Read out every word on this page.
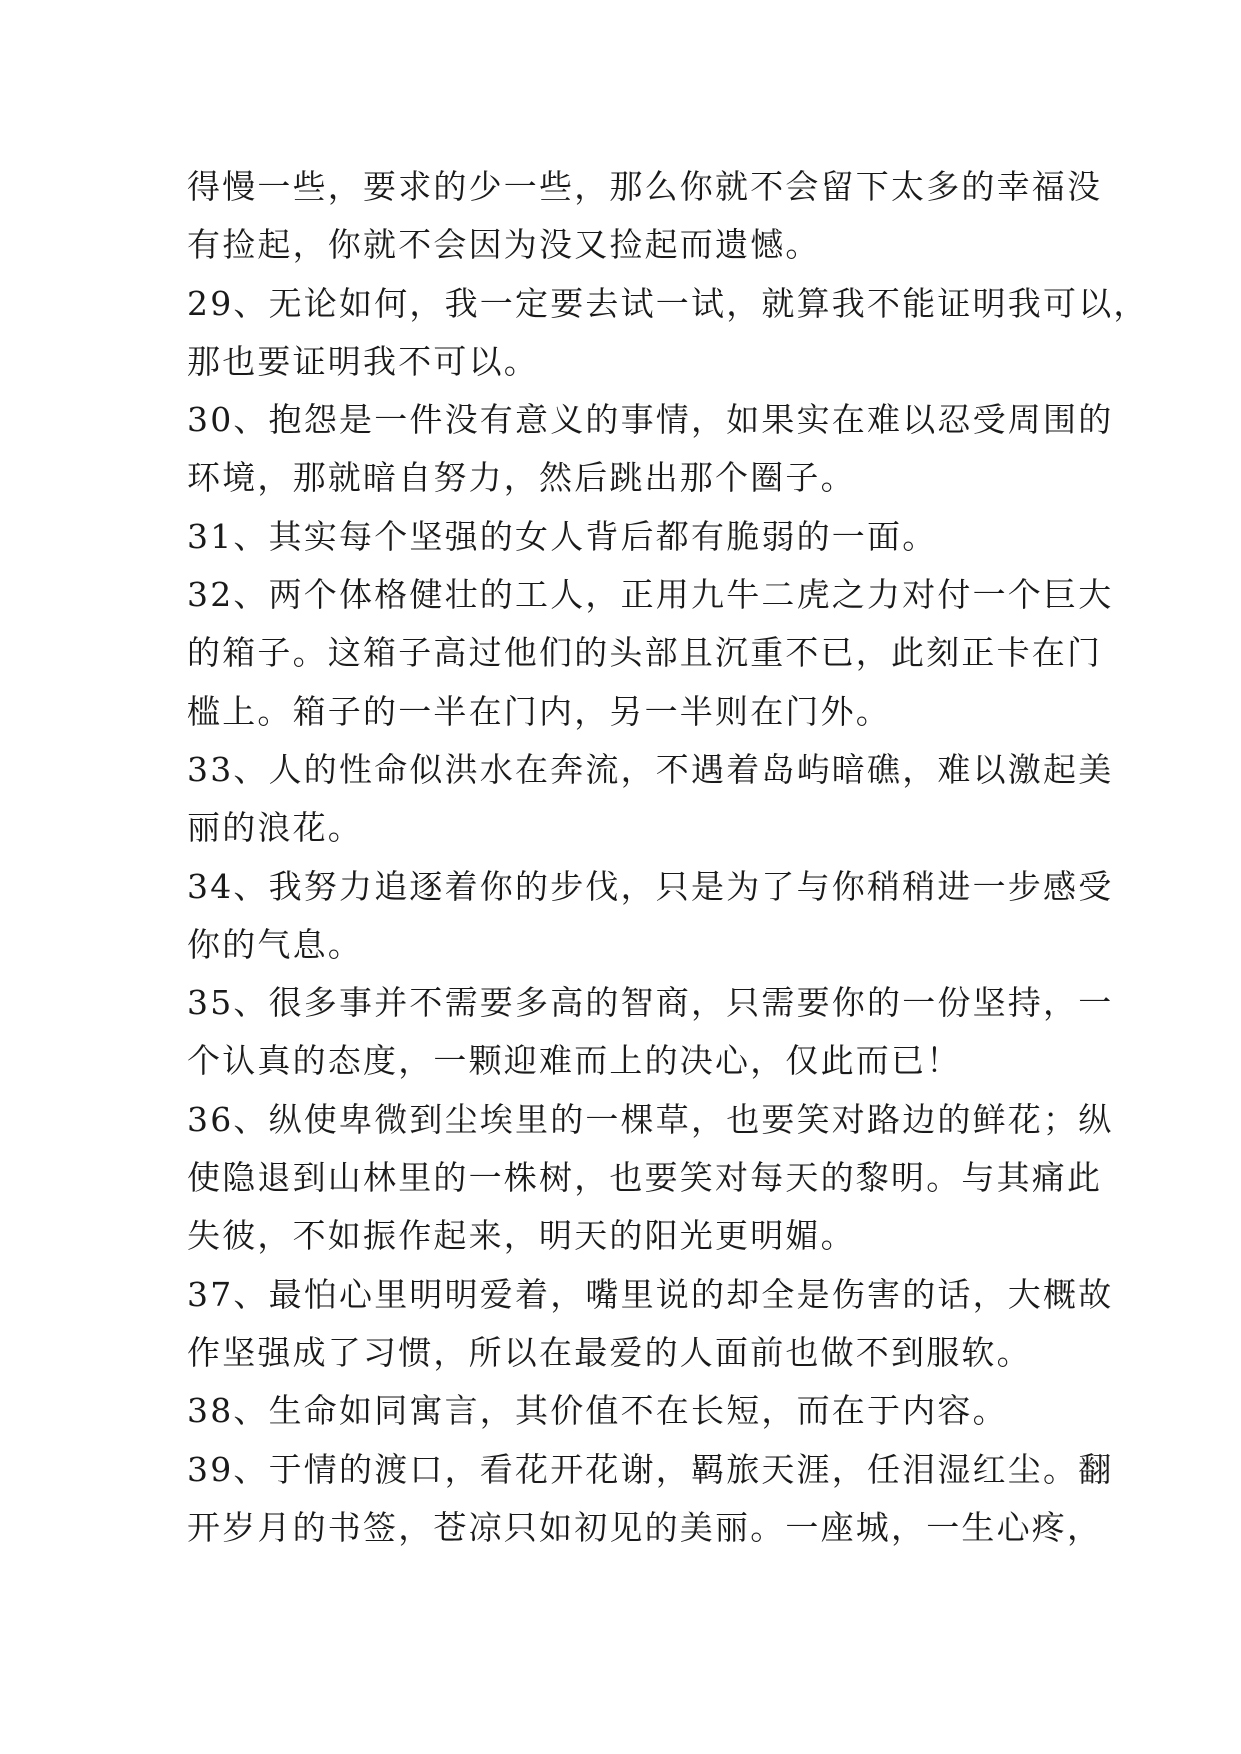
得慢一些，要求的少一些，那么你就不会留下太多的幸福没
有捡起，你就不会因为没又捡起而遗憾。
29、无论如何，我一定要去试一试，就算我不能证明我可以，
那也要证明我不可以。
30、抱怨是一件没有意义的事情，如果实在难以忍受周围的
环境，那就暗自努力，然后跳出那个圈子。
31、其实每个坚强的女人背后都有脆弱的一面。
32、两个体格健壮的工人，正用九牛二虎之力对付一个巨大
的箱子。这箱子高过他们的头部且沉重不已，此刻正卡在门
槛上。箱子的一半在门内，另一半则在门外。
33、人的性命似洪水在奔流，不遇着岛屿暗礁，难以激起美
丽的浪花。
34、我努力追逐着你的步伐，只是为了与你稍稍进一步感受
你的气息。
35、很多事并不需要多高的智商，只需要你的一份坚持，一
个认真的态度，一颗迎难而上的决心，仅此而已！
36、纵使卑微到尘埃里的一棵草，也要笑对路边的鲜花；纵
使隐退到山林里的一株树，也要笑对每天的黎明。与其痛此
失彼，不如振作起来，明天的阳光更明媚。
37、最怕心里明明爱着，嘴里说的却全是伤害的话，大概故
作坚强成了习惯，所以在最爱的人面前也做不到服软。
38、生命如同寓言，其价值不在长短，而在于内容。
39、于情的渡口，看花开花谢，羁旅天涯，任泪湿红尘。翻
开岁月的书签，苍凉只如初见的美丽。一座城，一生心疼，
